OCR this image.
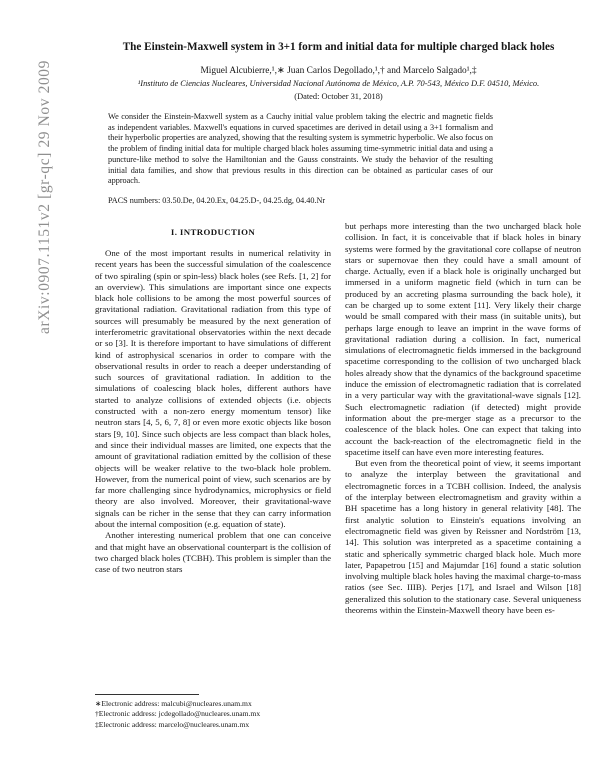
arXiv:0907.1151v2 [gr-qc] 29 Nov 2009
The Einstein-Maxwell system in 3+1 form and initial data for multiple charged black holes
Miguel Alcubierre,¹,∗ Juan Carlos Degollado,¹,† and Marcelo Salgado¹,‡
¹Instituto de Ciencias Nucleares, Universidad Nacional Autónoma de México, A.P. 70-543, México D.F. 04510, México.
(Dated: October 31, 2018)
We consider the Einstein-Maxwell system as a Cauchy initial value problem taking the electric and magnetic fields as independent variables. Maxwell's equations in curved spacetimes are derived in detail using a 3+1 formalism and their hyperbolic properties are analyzed, showing that the resulting system is symmetric hyperbolic. We also focus on the problem of finding initial data for multiple charged black holes assuming time-symmetric initial data and using a puncture-like method to solve the Hamiltonian and the Gauss constraints. We study the behavior of the resulting initial data families, and show that previous results in this direction can be obtained as particular cases of our approach.
PACS numbers: 03.50.De, 04.20.Ex, 04.25.D-, 04.25.dg, 04.40.Nr
I. INTRODUCTION

One of the most important results in numerical relativity in recent years has been the successful simulation of the coalescence of two spiraling (spin or spin-less) black holes (see Refs. [1, 2] for an overview). This simulations are important since one expects black hole collisions to be among the most powerful sources of gravitational radiation. Gravitational radiation from this type of sources will presumably be measured by the next generation of interferometric gravitational observatories within the next decade or so [3]. It is therefore important to have simulations of different kind of astrophysical scenarios in order to compare with the observational results in order to reach a deeper understanding of such sources of gravitational radiation. In addition to the simulations of coalescing black holes, different authors have started to analyze collisions of extended objects (i.e. objects constructed with a non-zero energy momentum tensor) like neutron stars [4, 5, 6, 7, 8] or even more exotic objects like boson stars [9, 10]. Since such objects are less compact than black holes, and since their individual masses are limited, one expects that the amount of gravitational radiation emitted by the collision of these objects will be weaker relative to the two-black hole problem. However, from the numerical point of view, such scenarios are by far more challenging since hydrodynamics, microphysics or field theory are also involved. Moreover, their gravitational-wave signals can be richer in the sense that they can carry information about the internal composition (e.g. equation of state).

Another interesting numerical problem that one can conceive and that might have an observational counterpart is the collision of two charged black holes (TCBH). This problem is simpler than the case of two neutron stars

but perhaps more interesting than the two uncharged black hole collision. In fact, it is conceivable that if black holes in binary systems were formed by the gravitational core collapse of neutron stars or supernovae then they could have a small amount of charge. Actually, even if a black hole is originally uncharged but immersed in a uniform magnetic field (which in turn can be produced by an accreting plasma surrounding the back hole), it can be charged up to some extent [11]. Very likely their charge would be small compared with their mass (in suitable units), but perhaps large enough to leave an imprint in the wave forms of gravitational radiation during a collision. In fact, numerical simulations of electromagnetic fields immersed in the background spacetime corresponding to the collision of two uncharged black holes already show that the dynamics of the background spacetime induce the emission of electromagnetic radiation that is correlated in a very particular way with the gravitational-wave signals [12]. Such electromagnetic radiation (if detected) might provide information about the pre-merger stage as a precursor to the coalescence of the black holes. One can expect that taking into account the back-reaction of the electromagnetic field in the spacetime itself can have even more interesting features.

But even from the theoretical point of view, it seems important to analyze the interplay between the gravitational and electromagnetic forces in a TCBH collision. Indeed, the analysis of the interplay between electromagnetism and gravity within a BH spacetime has a long history in general relativity [48]. The first analytic solution to Einstein's equations involving an electromagnetic field was given by Reissner and Nordström [13, 14]. This solution was interpreted as a spacetime containing a static and spherically symmetric charged black hole. Much more later, Papapetrou [15] and Majumdar [16] found a static solution involving multiple black holes having the maximal charge-to-mass ratios (see Sec. IIIB). Perjes [17], and Israel and Wilson [18] generalized this solution to the stationary case. Several uniqueness theorems within the Einstein-Maxwell theory have been es-

∗Electronic address: malcubi@nucleares.unam.mx
†Electronic address: jcdegollado@nucleares.unam.mx
‡Electronic address: marcelo@nucleares.unam.mx
